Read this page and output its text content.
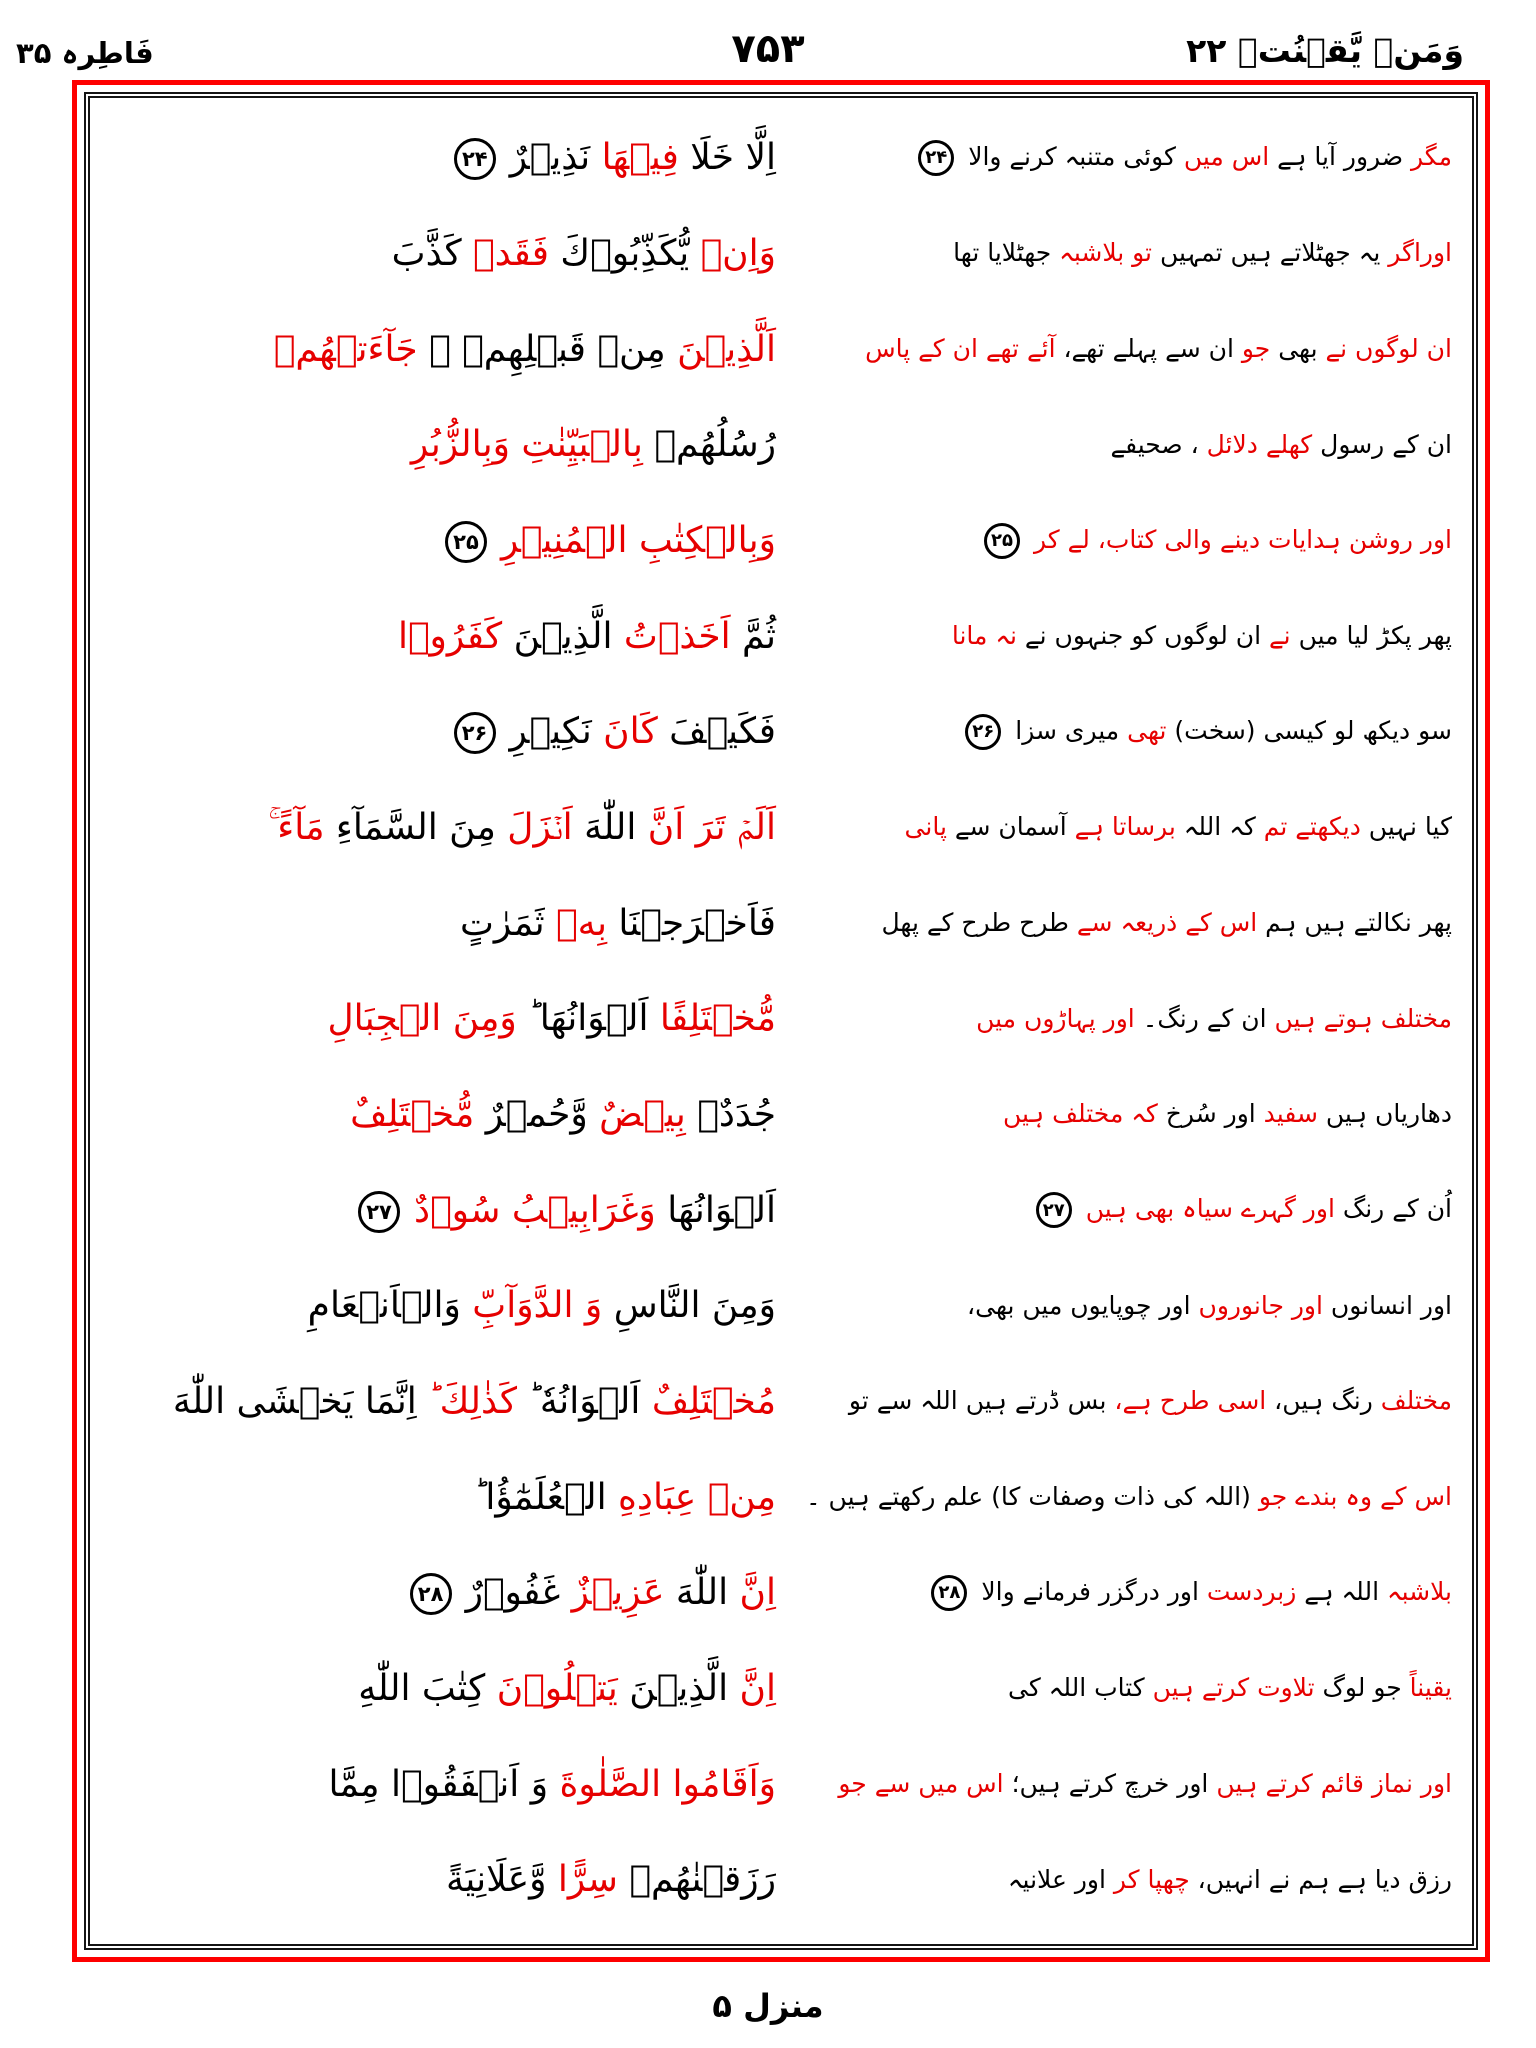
وَمَنۡ یَّقۡنُتۡ ۲۲
۷۵۳
فَاطِرہ ۳۵
اِلَّا خَلَا فِیۡهَا نَذِیۡرٌ۲۴	مگر ضرور آیا ہے اس میں کوئی متنبہ کرنے والا۲۴
وَاِنۡ یُّکَذِّبُوۡكَ فَقَدۡ کَذَّبَ	اوراگر یہ جھٹلاتے ہیں تمہیں تو بلاشبہ جھٹلایا تھا
اَلَّذِیۡنَ مِنۡ قَبۡلِهِمۡ ۚ جَآءَتۡهُمۡ	ان لوگوں نے بھی جو ان سے پہلے تھے، آئے تھے ان کے پاس
رُسُلُهُمۡ بِالۡبَیِّنٰتِ وَبِالزُّبُرِ	ان کے رسول کھلے دلائل ، صحیفے
وَبِالۡکِتٰبِ الۡمُنِیۡرِ۲۵	اور روشن ہدایات دینے والی کتاب، لے کر۲۵
ثُمَّ اَخَذۡتُ الَّذِیۡنَ کَفَرُوۡا	پھر پکڑ لیا میں نے ان لوگوں کو جنہوں نے نہ مانا
فَکَیۡفَ کَانَ نَکِیۡرِ۲۶	سو دیکھ لو کیسی (سخت) تھی میری سزا۲۶
اَلَمۡ تَرَ اَنَّ اللّٰهَ اَنۡزَلَ مِنَ السَّمَآءِ مَآءً ۚ	کیا نہیں دیکھتے تم کہ اللہ برساتا ہے آسمان سے پانی
فَاَخۡرَجۡنَا بِهٖ ثَمَرٰتٍ	پھر نکالتے ہیں ہم اس کے ذریعہ سے طرح طرح کے پھل
مُّخۡتَلِفًا اَلۡوَانُهَا ؕ وَمِنَ الۡجِبَالِ	مختلف ہوتے ہیں ان کے رنگ۔ اور پہاڑوں میں
جُدَدٌۢ بِیۡضٌ وَّحُمۡرٌ مُّخۡتَلِفٌ	دھاریاں ہیں سفید اور سُرخ کہ مختلف ہیں
اَلۡوَانُهَا وَغَرَابِیۡبُ سُوۡدٌ۲۷	اُن کے رنگ اور گہرے سیاہ بھی ہیں۲۷
وَمِنَ النَّاسِ وَ الدَّوَآبِّ وَالۡاَنۡعَامِ	اور انسانوں اور جانوروں اور چوپایوں میں بھی،
مُخۡتَلِفٌ اَلۡوَانُهٗ ؕ کَذٰلِكَ ؕ اِنَّمَا یَخۡشَی اللّٰهَ	مختلف رنگ ہیں، اسی طرح ہے، بس ڈرتے ہیں اللہ سے تو
مِنۡ عِبَادِهِ الۡعُلَمٰٓؤُا ؕ	اس کے وہ بندے جو (اللہ کی ذات وصفات کا) علم رکھتے ہیں ۔
اِنَّ اللّٰهَ عَزِیۡزٌ غَفُوۡرٌ۲۸	بلاشبہ اللہ ہے زبردست اور درگزر فرمانے والا۲۸
اِنَّ الَّذِیۡنَ یَتۡلُوۡنَ کِتٰبَ اللّٰهِ	یقیناً جو لوگ تلاوت کرتے ہیں کتاب اللہ کی
وَاَقَامُوا الصَّلٰوةَ وَ اَنۡفَقُوۡا مِمَّا	اور نماز قائم کرتے ہیں اور خرچ کرتے ہیں؛ اس میں سے جو
رَزَقۡنٰهُمۡ سِرًّا وَّعَلَانِیَةً	رزق دیا ہے ہم نے انہیں، چھپا کر اور علانیہ
منزل ۵
